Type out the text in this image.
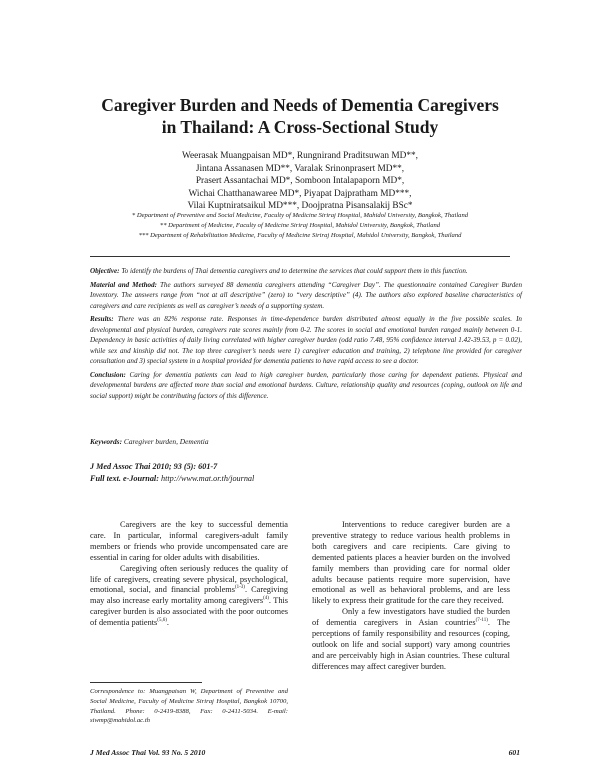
Caregiver Burden and Needs of Dementia Caregivers
in Thailand: A Cross-Sectional Study
Weerasak Muangpaisan MD*, Rungnirand Praditsuwan MD**,
Jintana Assanasen MD**, Varalak Srinonprasert MD**,
Prasert Assantachai MD*, Somboon Intalapaporn MD*,
Wichai Chatthanawaree MD*, Piyapat Dajpratham MD***,
Vilai Kuptniratsaikul MD***, Doojpratna Pisansalakij BSc*
* Department of Preventive and Social Medicine, Faculty of Medicine Siriraj Hospital, Mahidol University, Bangkok, Thailand
** Department of Medicine, Faculty of Medicine Siriraj Hospital, Mahidol University, Bangkok, Thailand
*** Department of Rehabilitation Medicine, Faculty of Medicine Siriraj Hospital, Mahidol University, Bangkok, Thailand

Objective: To identify the burdens of Thai dementia caregivers and to determine the services that could support them in this function.

Material and Method: The authors surveyed 88 dementia caregivers attending “Caregiver Day”. The questionnaire contained Caregiver Burden Inventory. The answers range from “not at all descriptive” (zero) to “very descriptive” (4). The authors also explored baseline characteristics of caregivers and care recipients as well as caregiver’s needs of a supporting system.

Results: There was an 82% response rate. Responses in time-dependence burden distributed almost equally in the five possible scales. In developmental and physical burden, caregivers rate scores mainly from 0-2. The scores in social and emotional burden ranged mainly between 0-1. Dependency in basic activities of daily living correlated with higher caregiver burden (odd ratio 7.48, 95% confidence interval 1.42-39.53, p = 0.02), while sex and kinship did not. The top three caregiver’s needs were 1) caregiver education and training, 2) telephone line provided for caregiver consultation and 3) special system in a hospital provided for dementia patients to have rapid access to see a doctor.

Conclusion: Caring for dementia patients can lead to high caregiver burden, particularly those caring for dependent patients. Physical and developmental burdens are affected more than social and emotional burdens. Culture, relationship quality and resources (coping, outlook on life and social support) might be contributing factors of this difference.

Keywords: Caregiver burden, Dementia
J Med Assoc Thai 2010; 93 (5): 601-7
Full text. e-Journal: http://www.mat.or.th/journal

Caregivers are the key to successful dementia care. In particular, informal caregivers-adult family members or friends who provide uncompensated care are essential in caring for older adults with disabilities.

Caregiving often seriously reduces the quality of life of caregivers, creating severe physical, psychological, emotional, social, and financial problems$^{(1-3)}$. Caregiving may also increase early mortality among caregivers$^{(4)}$. This caregiver burden is also associated with the poor outcomes of dementia patients$^{(5,6)}$.

Interventions to reduce caregiver burden are a preventive strategy to reduce various health problems in both caregivers and care recipients. Care giving to demented patients places a heavier burden on the involved family members than providing care for normal older adults because patients require more supervision, have emotional as well as behavioral problems, and are less likely to express their gratitude for the care they received.

Only a few investigators have studied the burden of dementia caregivers in Asian countries$^{(7-11)}$. The perceptions of family responsibility and resources (coping, outlook on life and social support) vary among countries and are perceivably high in Asian countries. These cultural differences may affect caregiver burden.

Correspondence to: Muangpaisan W, Department of Preventive and Social Medicine, Faculty of Medicine Siriraj Hospital, Bangkok 10700, Thailand. Phone: 0-2419-8388, Fax: 0-2411-5034. E-mail: siwmp@mahidol.ac.th
J Med Assoc Thai Vol. 93 No. 5 2010	601
